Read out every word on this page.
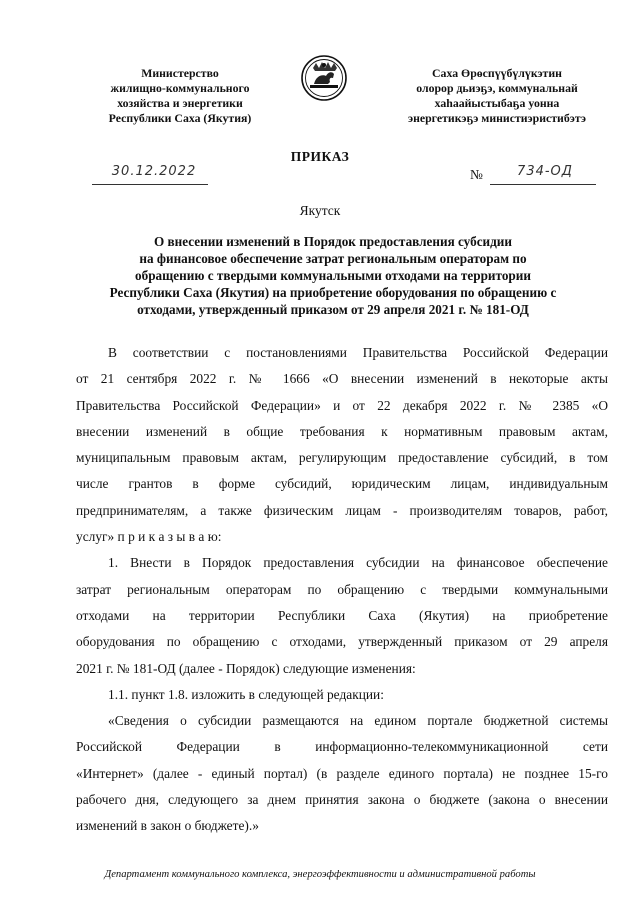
Министерство
жилищно-коммунального
хозяйства и энергетики
Республики Саха (Якутия)
Саха Өрөспүүбүлүкэтин
олорор дьиэҕэ, коммунальнай
хаһаайыстыбаҕа уонна
энергетикэҕэ министиэристибэтэ
ПРИКАЗ
30.12.2022	№	734-ОД
Якутск
О внесении изменений в Порядок предоставления субсидии
на финансовое обеспечение затрат региональным операторам по
обращению с твердыми коммунальными отходами на территории
Республики Саха (Якутия) на приобретение оборудования по обращению с
отходами, утвержденный приказом от 29 апреля 2021 г. № 181-ОД
В соответствии с постановлениями Правительства Российской Федерации
от 21 сентября 2022 г. № 1666 «О внесении изменений в некоторые акты
Правительства Российской Федерации» и от 22 декабря 2022 г. № 2385 «О
внесении изменений в общие требования к нормативным правовым актам,
муниципальным правовым актам, регулирующим предоставление субсидий, в том
числе грантов в форме субсидий, юридическим лицам, индивидуальным
предпринимателям, а также физическим лицам - производителям товаров, работ,
услуг» п р и к а з ы в а ю:
1. Внести в Порядок предоставления субсидии на финансовое обеспечение
затрат региональным операторам по обращению с твердыми коммунальными
отходами на территории Республики Саха (Якутия) на приобретение
оборудования по обращению с отходами, утвержденный приказом от 29 апреля
2021 г. № 181-ОД (далее - Порядок) следующие изменения:
1.1. пункт 1.8. изложить в следующей редакции:
«Сведения о субсидии размещаются на едином портале бюджетной системы
Российской Федерации в информационно-телекоммуникационной сети
«Интернет» (далее - единый портал) (в разделе единого портала) не позднее 15-го
рабочего дня, следующего за днем принятия закона о бюджете (закона о внесении
изменений в закон о бюджете).»
Департамент коммунального комплекса, энергоэффективности и административной работы
